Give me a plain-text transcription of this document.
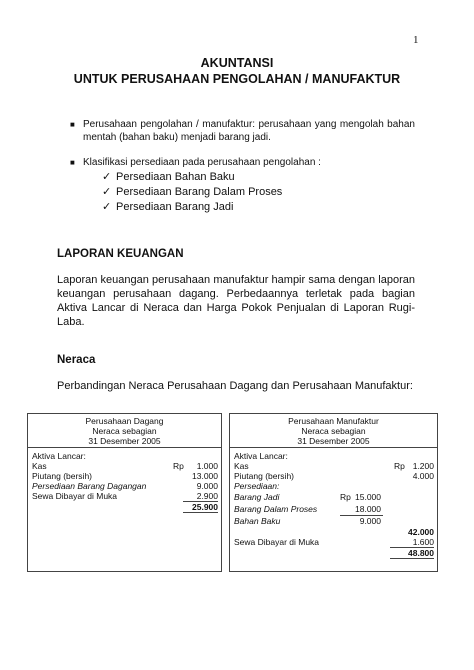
1
AKUNTANSI
UNTUK PERUSAHAAN PENGOLAHAN / MANUFAKTUR
■ Perusahaan pengolahan / manufaktur: perusahaan yang mengolah bahan mentah (bahan baku) menjadi barang jadi.
■ Klasifikasi persediaan pada perusahaan pengolahan :
✓ Persediaan Bahan Baku
✓ Persediaan Barang Dalam Proses
✓ Persediaan Barang Jadi
LAPORAN KEUANGAN
Laporan keuangan perusahaan manufaktur hampir sama dengan laporan keuangan perusahaan dagang. Perbedaannya terletak pada bagian Aktiva Lancar di Neraca dan Harga Pokok Penjualan di Laporan Rugi-Laba.
Neraca
Perbandingan Neraca Perusahaan Dagang dan Perusahaan Manufaktur:
Perusahaan Dagang
Neraca sebagian
31 Desember 2005
Aktiva Lancar:
Kas	Rp 1.000
Piutang (bersih)	13.000
Persediaan Barang Dagangan	9.000
Sewa Dibayar di Muka	2.900
25.900
Perusahaan Manufaktur
Neraca sebagian
31 Desember 2005
Aktiva Lancar:
Kas	Rp 1.200
Piutang (bersih)	4.000
Persediaan:
Barang Jadi	Rp 15.000
Barang Dalam Proses	18.000
Bahan Baku	9.000
42.000
Sewa Dibayar di Muka	1.600
48.800
